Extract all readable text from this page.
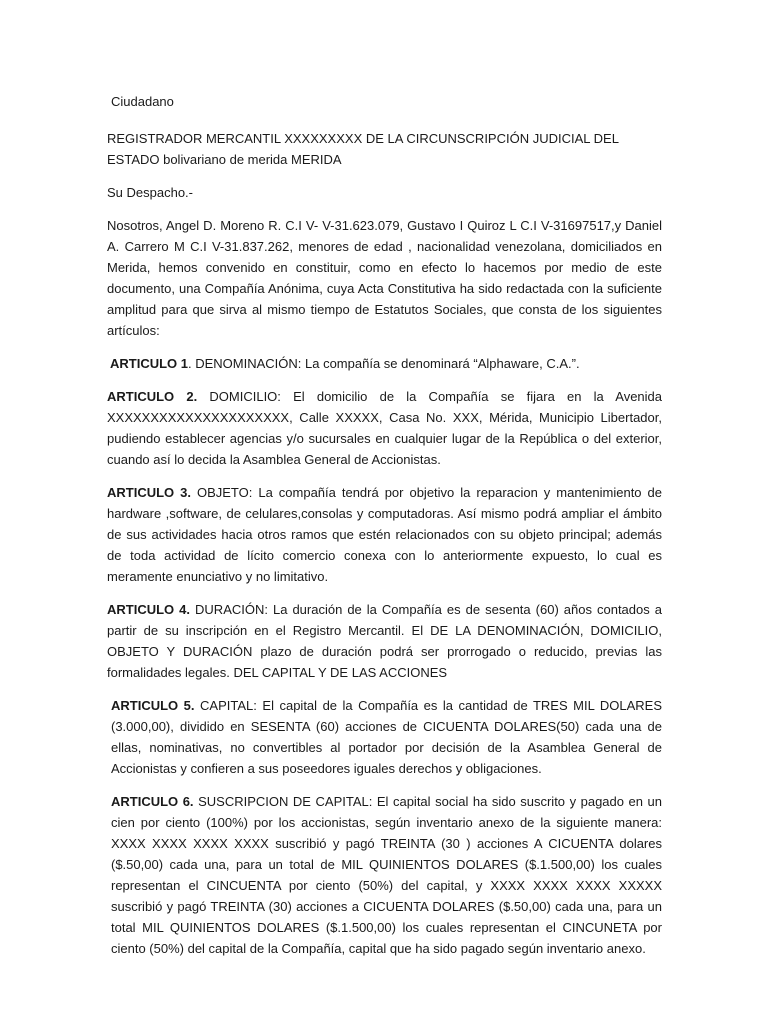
Ciudadano

REGISTRADOR MERCANTIL XXXXXXXXX DE LA CIRCUNSCRIPCIÓN JUDICIAL DEL ESTADO bolivariano de merida MERIDA

Su Despacho.-

Nosotros, Angel D. Moreno R. C.I V- V-31.623.079, Gustavo I Quiroz L C.I V-31697517,y Daniel A. Carrero M C.I V-31.837.262, menores de edad , nacionalidad venezolana, domiciliados en Merida, hemos convenido en constituir, como en efecto lo hacemos por medio de este documento, una Compañía Anónima, cuya Acta Constitutiva ha sido redactada con la suficiente amplitud para que sirva al mismo tiempo de Estatutos Sociales, que consta de los siguientes artículos:

ARTICULO 1. DENOMINACIÓN: La compañía se denominará “Alphaware, C.A.”.

ARTICULO 2. DOMICILIO: El domicilio de la Compañía se fijara en la Avenida XXXXXXXXXXXXXXXXXXXXX, Calle XXXXX, Casa No. XXX, Mérida, Municipio Libertador, pudiendo establecer agencias y/o sucursales en cualquier lugar de la República o del exterior, cuando así lo decida la Asamblea General de Accionistas.

ARTICULO 3. OBJETO: La compañía tendrá por objetivo la reparacion y mantenimiento de hardware ,software, de celulares,consolas y computadoras. Así mismo podrá ampliar el ámbito de sus actividades hacia otros ramos que estén relacionados con su objeto principal; además de toda actividad de lícito comercio conexa con lo anteriormente expuesto, lo cual es meramente enunciativo y no limitativo.

ARTICULO 4. DURACIÓN: La duración de la Compañía es de sesenta (60) años contados a partir de su inscripción en el Registro Mercantil. El DE LA DENOMINACIÓN, DOMICILIO, OBJETO Y DURACIÓN plazo de duración podrá ser prorrogado o reducido, previas las formalidades legales. DEL CAPITAL Y DE LAS ACCIONES

ARTICULO 5. CAPITAL: El capital de la Compañía es la cantidad de TRES MIL DOLARES (3.000,00), dividido en SESENTA (60) acciones de CICUENTA DOLARES(50) cada una de ellas, nominativas, no convertibles al portador por decisión de la Asamblea General de Accionistas y confieren a sus poseedores iguales derechos y obligaciones.

ARTICULO 6. SUSCRIPCION DE CAPITAL: El capital social ha sido suscrito y pagado en un cien por ciento (100%) por los accionistas, según inventario anexo de la siguiente manera: XXXX XXXX XXXX XXXX suscribió y pagó TREINTA (30 ) acciones A CICUENTA dolares ($.50,00) cada una, para un total de MIL QUINIENTOS DOLARES ($.1.500,00) los cuales representan el CINCUENTA por ciento (50%) del capital, y XXXX XXXX XXXX XXXXX suscribió y pagó TREINTA (30) acciones a CICUENTA DOLARES ($.50,00) cada una, para un total MIL QUINIENTOS DOLARES ($.1.500,00) los cuales representan el CINCUNETA por ciento (50%) del capital de la Compañía, capital que ha sido pagado según inventario anexo.
